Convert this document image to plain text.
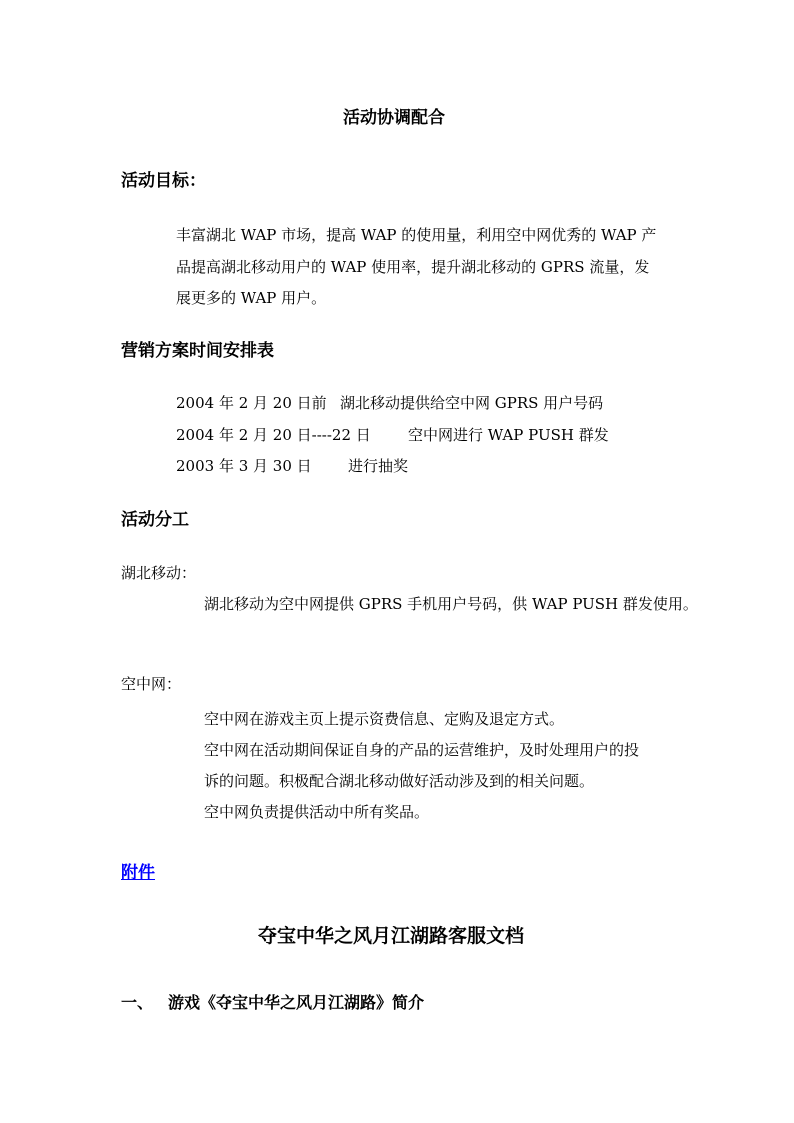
活动协调配合
活动目标：
丰富湖北 WAP 市场，提高 WAP 的使用量，利用空中网优秀的 WAP 产
品提高湖北移动用户的 WAP 使用率，提升湖北移动的 GPRS 流量，发
展更多的 WAP 用户。
营销方案时间安排表
2004 年 2 月 20 日前 湖北移动提供给空中网 GPRS 用户号码
2004 年 2 月 20 日----22 日 空中网进行 WAP PUSH 群发
2003 年 3 月 30 日 进行抽奖
活动分工
湖北移动：
湖北移动为空中网提供 GPRS 手机用户号码，供 WAP PUSH 群发使用。
空中网：
空中网在游戏主页上提示资费信息、定购及退定方式。
空中网在活动期间保证自身的产品的运营维护，及时处理用户的投
诉的问题。积极配合湖北移动做好活动涉及到的相关问题。
空中网负责提供活动中所有奖品。
附件
夺宝中华之风月江湖路客服文档
一、 游戏《夺宝中华之风月江湖路》简介
